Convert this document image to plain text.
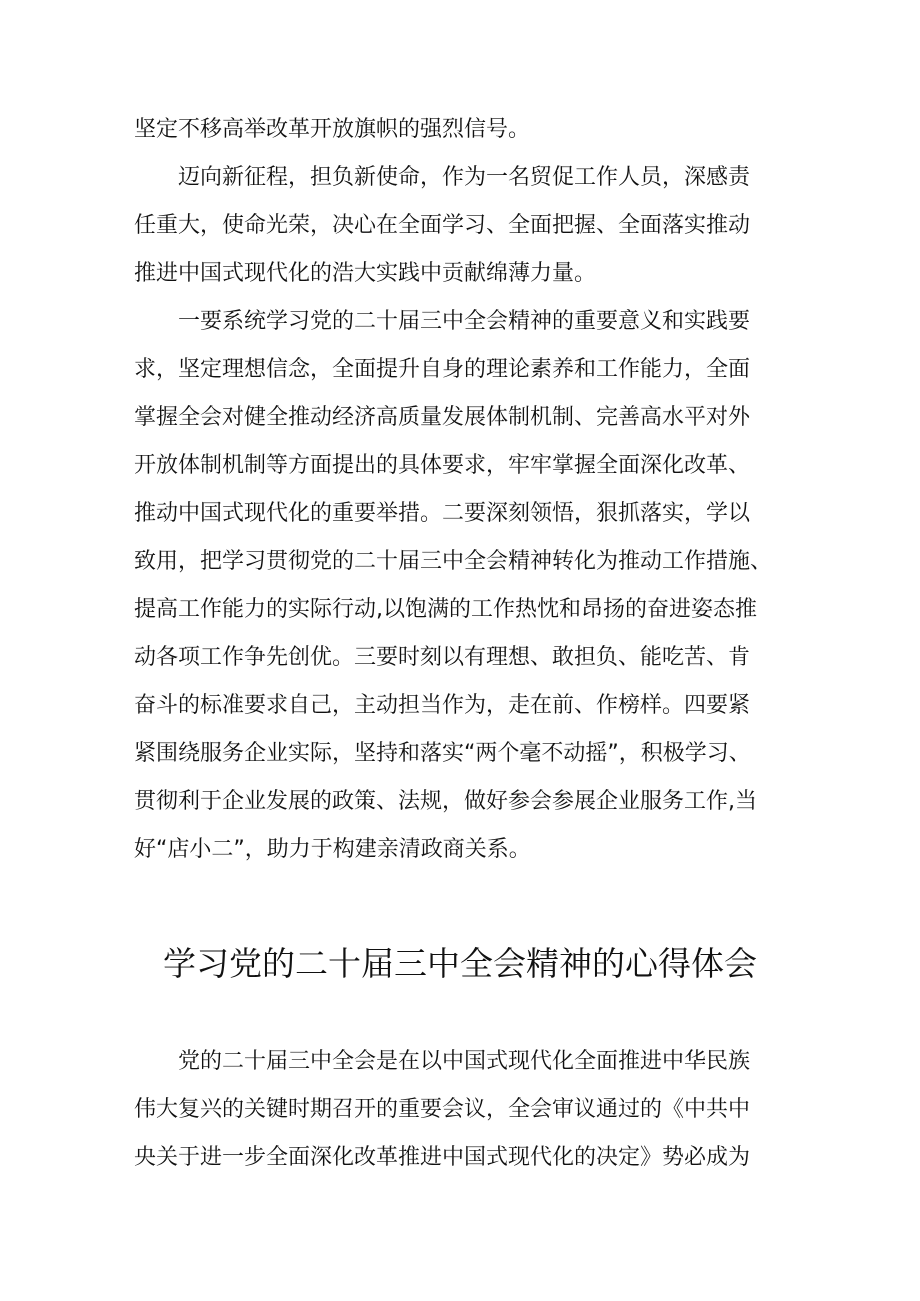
坚定不移高举改革开放旗帜的强烈信号。
迈向新征程，担负新使命，作为一名贸促工作人员，深感责
任重大，使命光荣，决心在全面学习、全面把握、全面落实推动
推进中国式现代化的浩大实践中贡献绵薄力量。
一要系统学习党的二十届三中全会精神的重要意义和实践要
求，坚定理想信念，全面提升自身的理论素养和工作能力，全面
掌握全会对健全推动经济高质量发展体制机制、完善高水平对外
开放体制机制等方面提出的具体要求，牢牢掌握全面深化改革、
推动中国式现代化的重要举措。二要深刻领悟，狠抓落实，学以
致用，把学习贯彻党的二十届三中全会精神转化为推动工作措施、
提高工作能力的实际行动,以饱满的工作热忱和昂扬的奋进姿态推
动各项工作争先创优。三要时刻以有理想、敢担负、能吃苦、肯
奋斗的标准要求自己，主动担当作为，走在前、作榜样。四要紧
紧围绕服务企业实际，坚持和落实“两个毫不动摇”，积极学习、
贯彻利于企业发展的政策、法规，做好参会参展企业服务工作,当
好“店小二”，助力于构建亲清政商关系。
学习党的二十届三中全会精神的心得体会
党的二十届三中全会是在以中国式现代化全面推进中华民族
伟大复兴的关键时期召开的重要会议，全会审议通过的《中共中
央关于进一步全面深化改革推进中国式现代化的决定》势必成为
